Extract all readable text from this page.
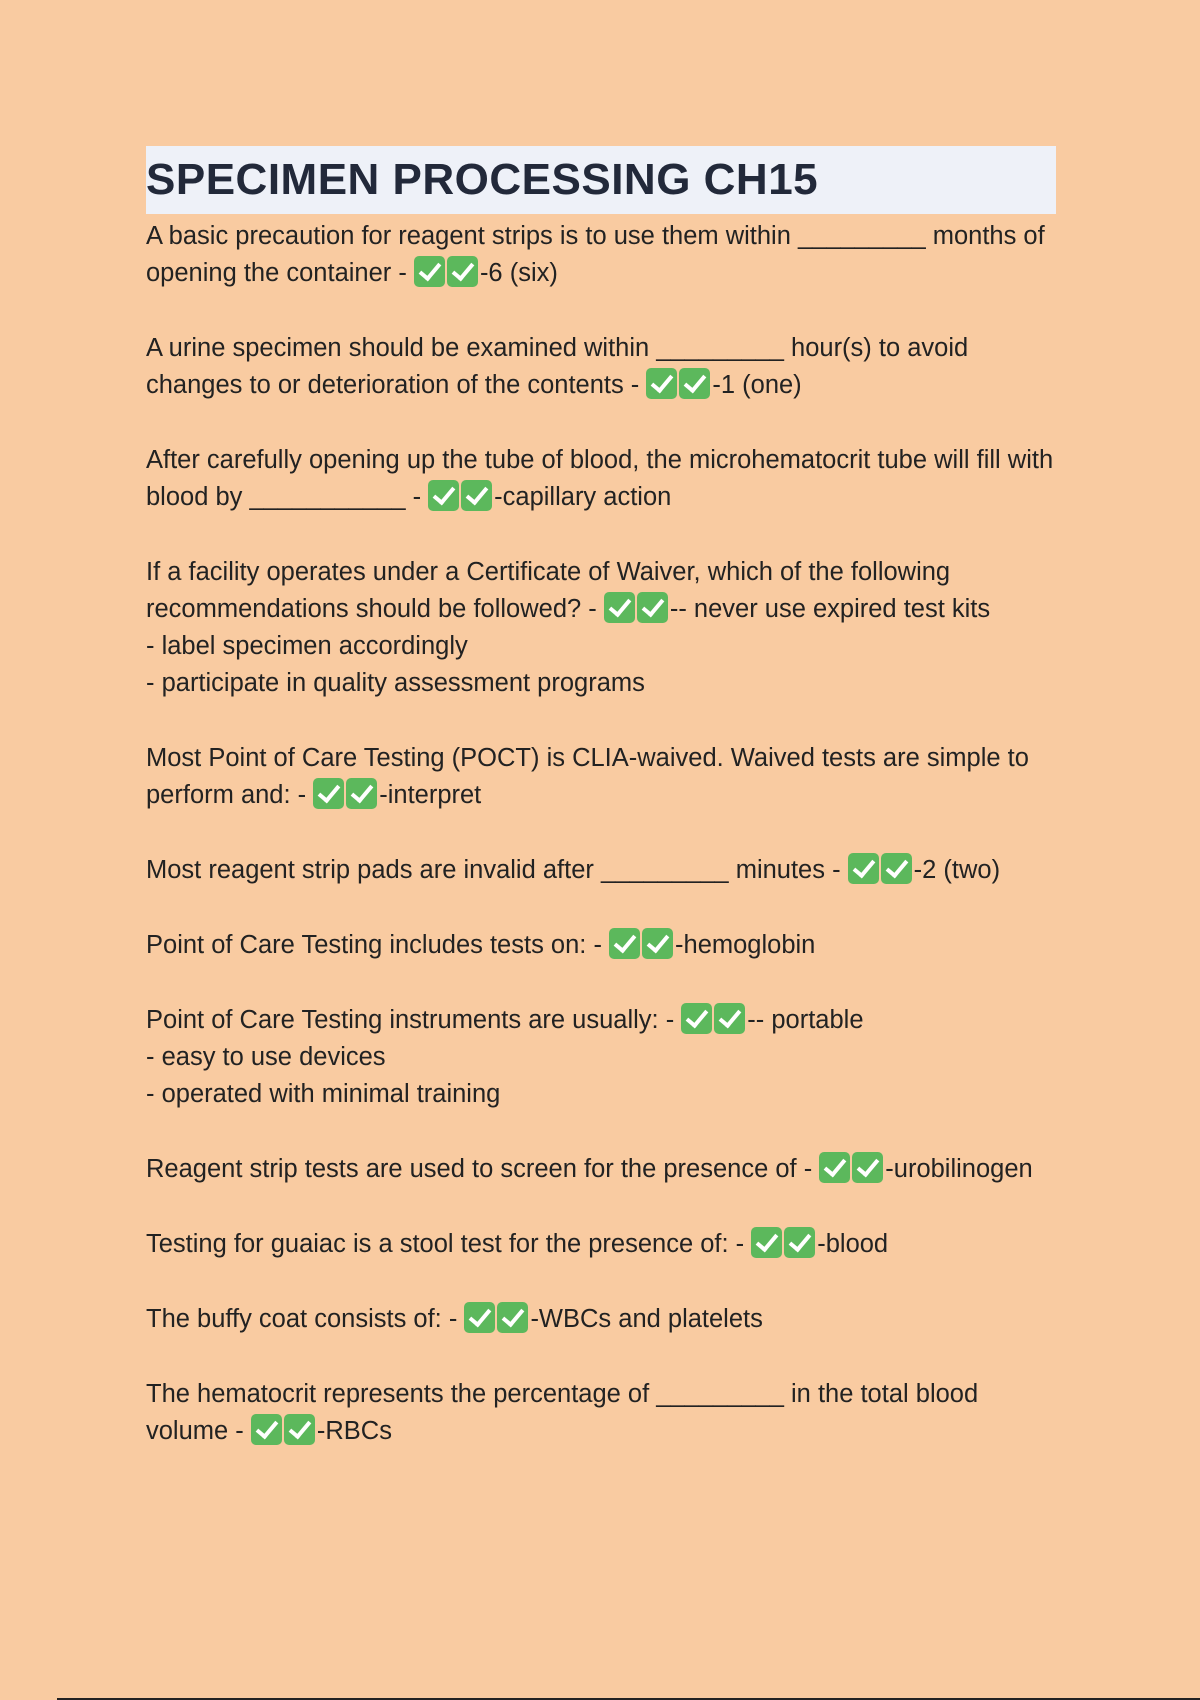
SPECIMEN PROCESSING CH15
A basic precaution for reagent strips is to use them within _________ months of opening the container -	-6 (six)
A urine specimen should be examined within _________ hour(s) to avoid changes to or deterioration of the contents -	-1 (one)
After carefully opening up the tube of blood, the microhematocrit tube will fill with blood by ___________ -	-capillary action
If a facility operates under a Certificate of Waiver, which of the following recommendations should be followed? -	-- never use expired test kits
- label specimen accordingly
- participate in quality assessment programs
Most Point of Care Testing (POCT) is CLIA-waived. Waived tests are simple to perform and: -	-interpret
Most reagent strip pads are invalid after _________ minutes -	-2 (two)
Point of Care Testing includes tests on: -	-hemoglobin
Point of Care Testing instruments are usually: -	-- portable
- easy to use devices
- operated with minimal training
Reagent strip tests are used to screen for the presence of -	-urobilinogen
Testing for guaiac is a stool test for the presence of: -	-blood
The buffy coat consists of: -	-WBCs and platelets
The hematocrit represents the percentage of _________ in the total blood volume -	-RBCs
